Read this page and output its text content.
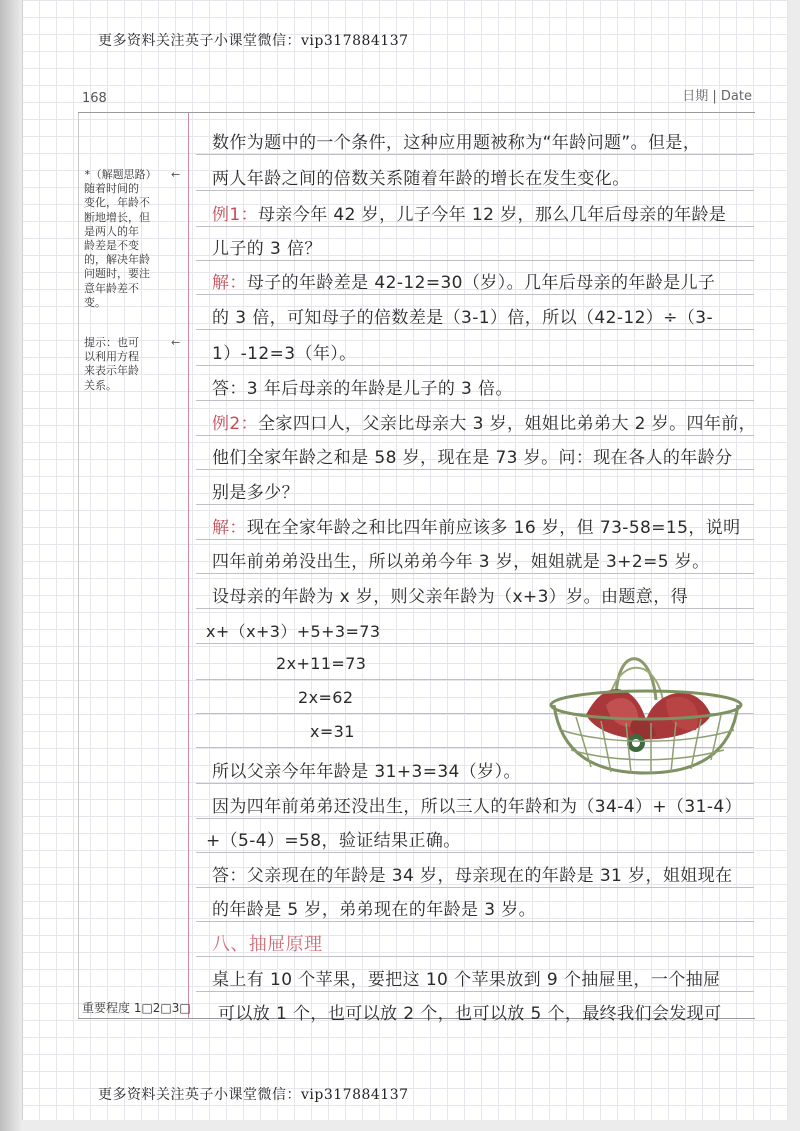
更多资料关注英子小课堂微信：vip317884137
168	日期 | Date
*（解题思路）
随着时间的
变化，年龄不
断地增长，但
是两人的年
龄差是不变
的，解决年龄
问题时，要注
意年龄差不
变。
←
提示：也可
以利用方程
来表示年龄
关系。
←
重要程度 1□2□3□
数作为题中的一个条件，这种应用题被称为“年龄问题”。但是，
两人年龄之间的倍数关系随着年龄的增长在发生变化。
例1：母亲今年 42 岁，儿子今年 12 岁，那么几年后母亲的年龄是
儿子的 3 倍？
解：母子的年龄差是 42-12=30（岁）。几年后母亲的年龄是儿子
的 3 倍，可知母子的倍数差是（3-1）倍，所以（42-12）÷（3-
1）-12=3（年）。
答：3 年后母亲的年龄是儿子的 3 倍。
例2：全家四口人，父亲比母亲大 3 岁，姐姐比弟弟大 2 岁。四年前，
他们全家年龄之和是 58 岁，现在是 73 岁。问：现在各人的年龄分
别是多少？
解：现在全家年龄之和比四年前应该多 16 岁，但 73-58=15，说明
四年前弟弟没出生，所以弟弟今年 3 岁，姐姐就是 3+2=5 岁。
设母亲的年龄为 x 岁，则父亲年龄为（x+3）岁。由题意，得
x+（x+3）+5+3=73
2x+11=73
2x=62
x=31
所以父亲今年年龄是 31+3=34（岁）。
因为四年前弟弟还没出生，所以三人的年龄和为（34-4）+（31-4）
+（5-4）=58，验证结果正确。
答：父亲现在的年龄是 34 岁，母亲现在的年龄是 31 岁，姐姐现在
的年龄是 5 岁，弟弟现在的年龄是 3 岁。
八、抽屉原理
桌上有 10 个苹果，要把这 10 个苹果放到 9 个抽屉里，一个抽屉
可以放 1 个，也可以放 2 个，也可以放 5 个，最终我们会发现可
更多资料关注英子小课堂微信：vip317884137
